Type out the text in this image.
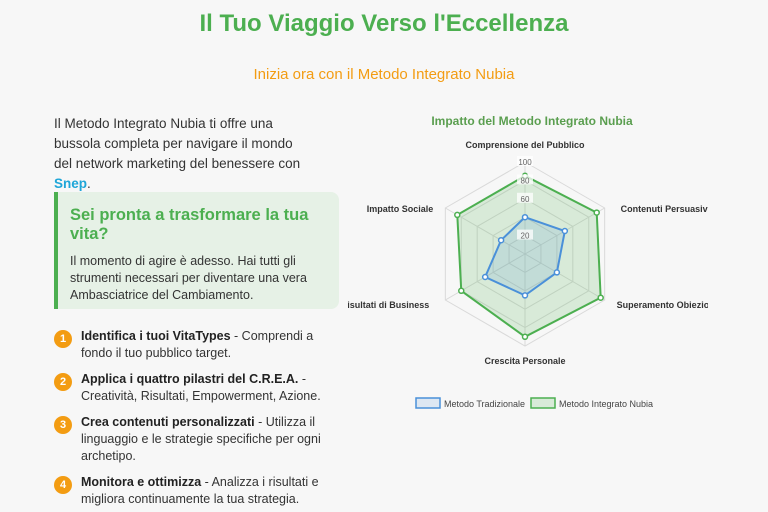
Il Tuo Viaggio Verso l'Eccellenza
Inizia ora con il Metodo Integrato Nubia
Il Metodo Integrato Nubia ti offre una bussola completa per navigare il mondo del network marketing del benessere con Snep.
Sei pronta a trasformare la tua vita?

Il momento di agire è adesso. Hai tutti gli strumenti necessari per diventare una vera Ambasciatrice del Cambiamento.

1	Identifica i tuoi VitaTypes - Comprendi a fondo il tuo pubblico target.
2	Applica i quattro pilastri del C.R.E.A. - Creatività, Risultati, Empowerment, Azione.
3	Crea contenuti personalizzati - Utilizza il linguaggio e le strategie specifiche per ogni archetipo.
4	Monitora e ottimizza - Analizza i risultati e migliora continuamente la tua strategia.
Impatto del Metodo Integrato Nubia
Comprensione del Pubblico
Contenuti Persuasivi
Superamento Obiezioni
Crescita Personale
Risultati di Business
Impatto Sociale
20
60
80
100
Metodo Tradizionale	Metodo Integrato Nubia
